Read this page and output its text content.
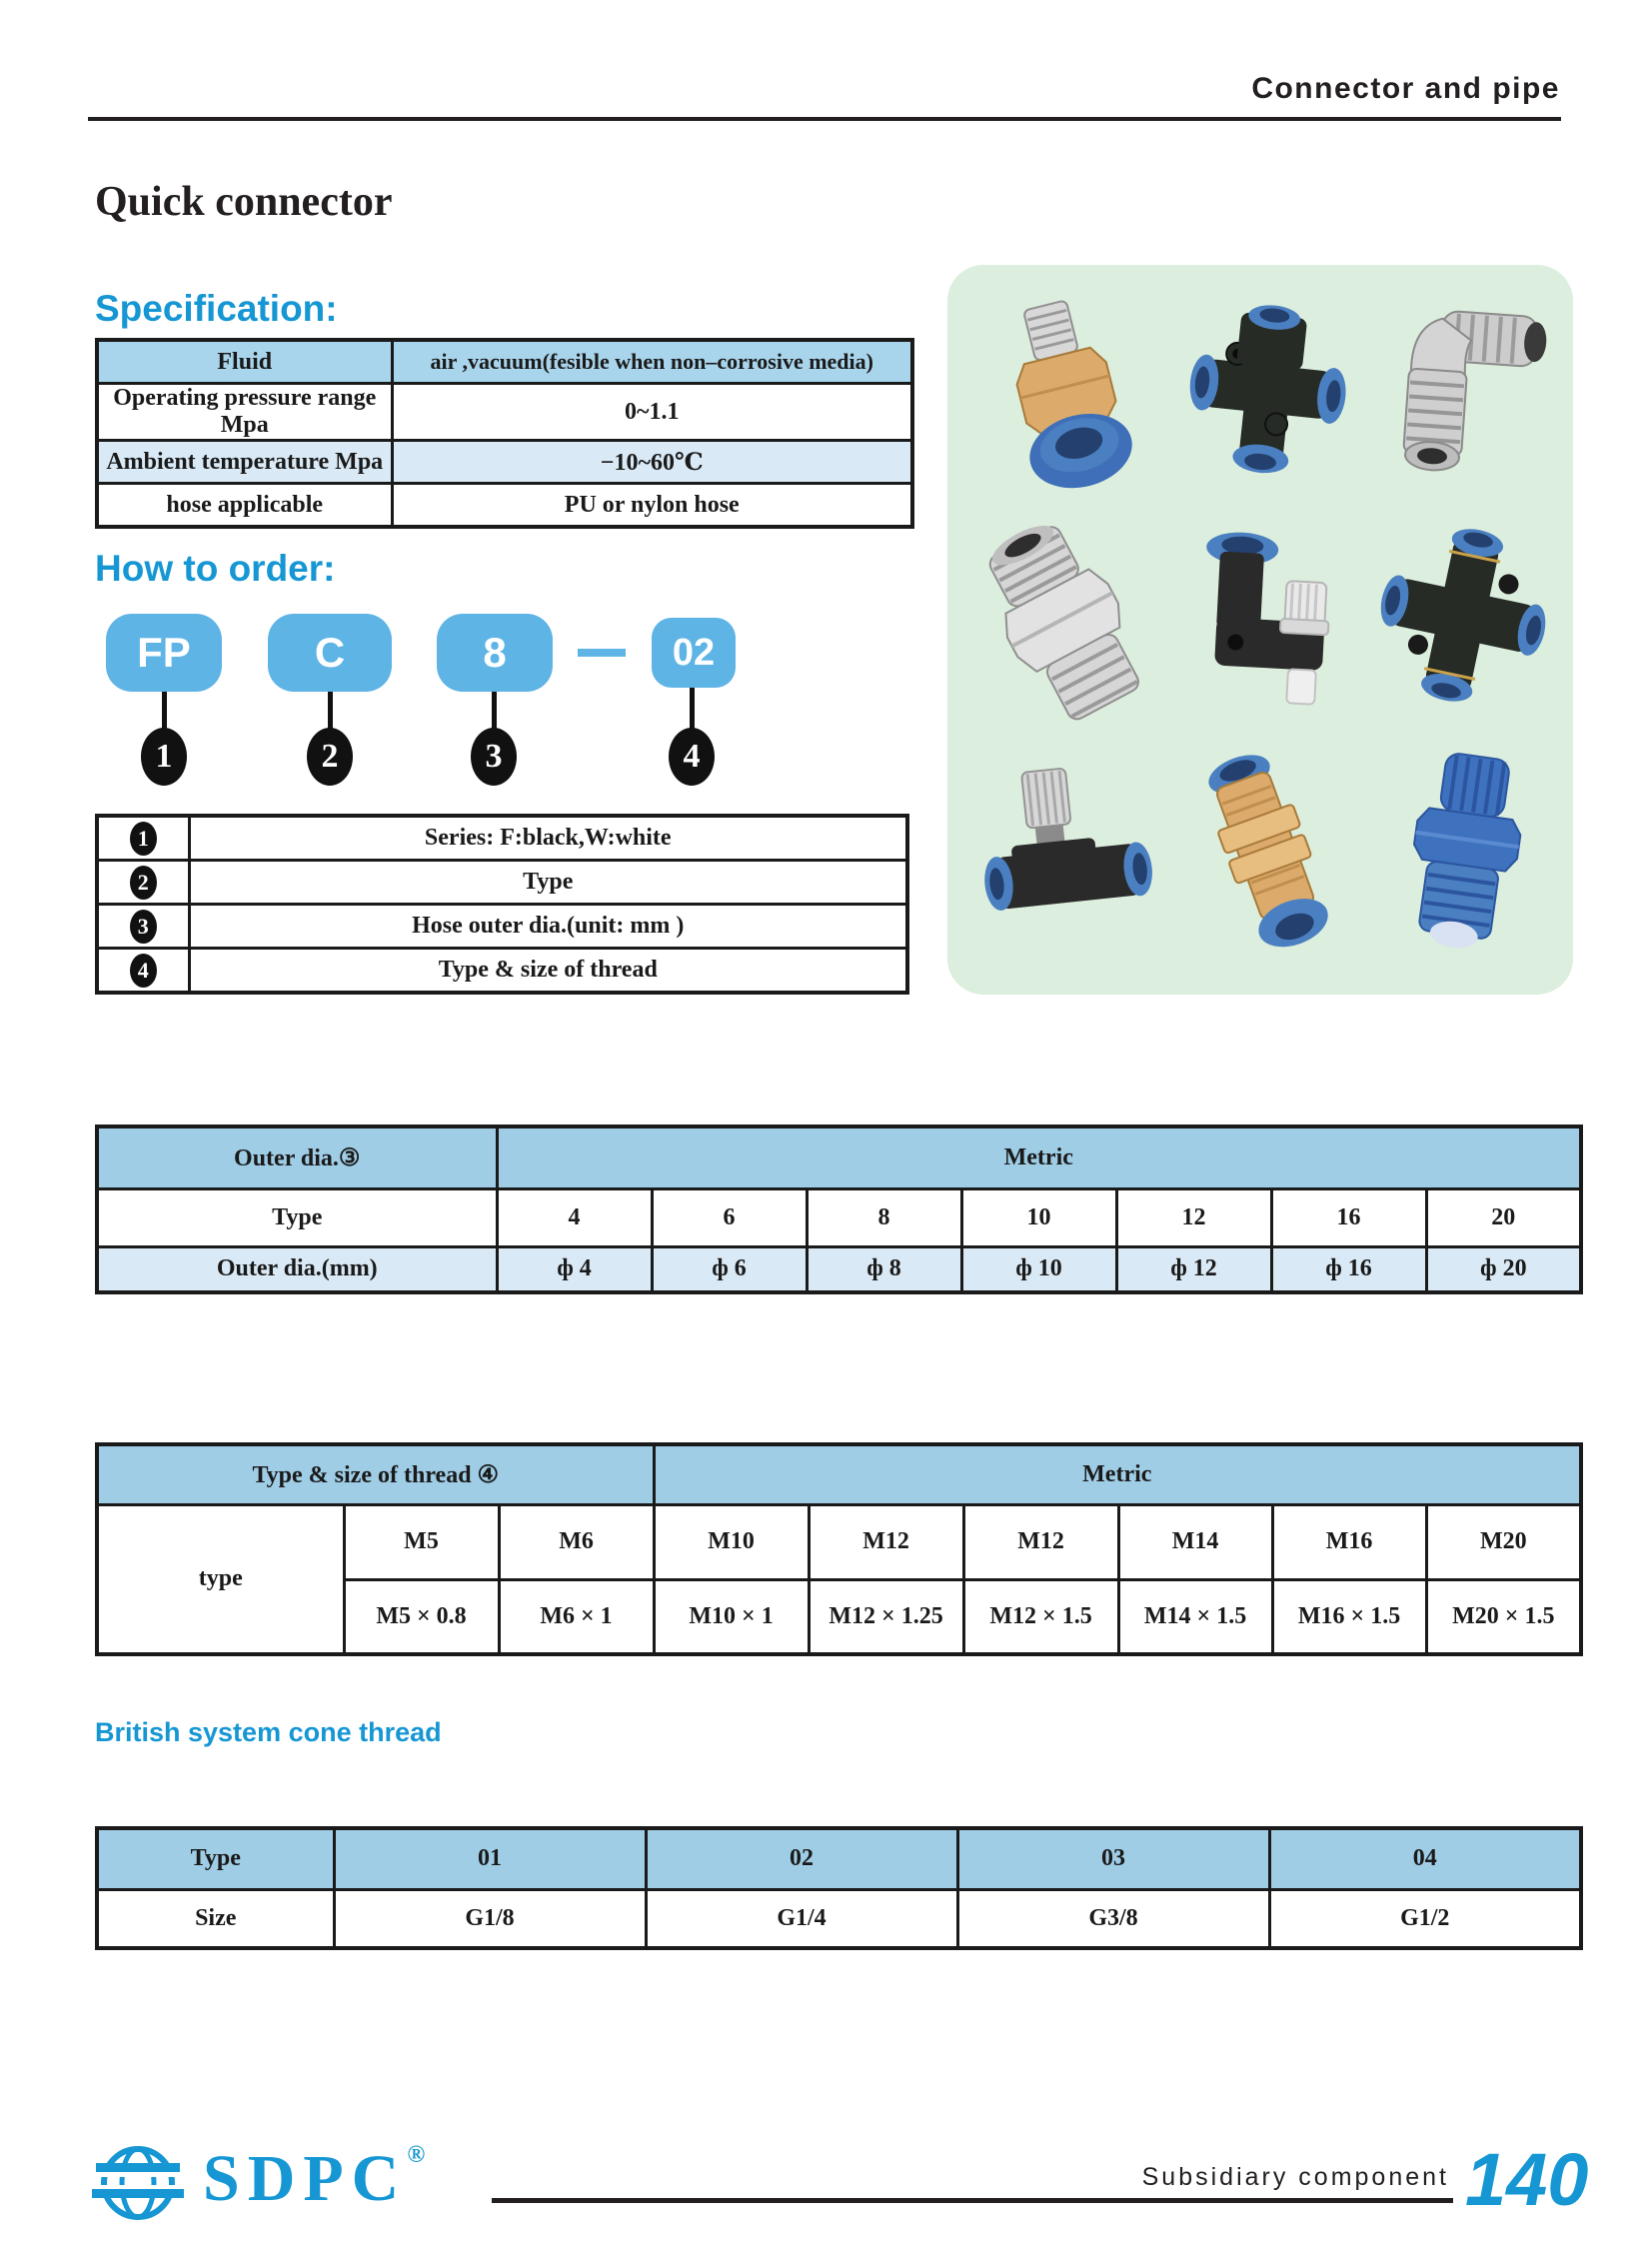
Connector and pipe
Quick connector
Specification:
Fluid	air ,vacuum(fesible when non–corrosive media)
Operating pressure range Mpa	0~1.1
Ambient temperature Mpa	−10~60℃
hose applicable	PU or nylon hose
How to order:
FP	C	8	02
1	2	3	4
1	Series: F:black,W:white
2	Type
3	Hose outer dia.(unit: mm )
4	Type & size of thread
Outer dia.③	Metric						
Type	4	6	8	10	12	16	20
Outer dia.(mm)	ф 4	ф 6	ф 8	ф 10	ф 12	ф 16	ф 20
Type & size of thread ④			Metric					
type	M5	M6	M10	M12	M12	M14	M16	M20
	M5 × 0.8	M6 × 1	M10 × 1	M12 × 1.25	M12 × 1.5	M14 × 1.5	M16 × 1.5	M20 × 1.5
British system cone thread
Type	01	02	03	04
Size	G1/8	G1/4	G3/8	G1/2
SDPC®
Subsidiary component 140
